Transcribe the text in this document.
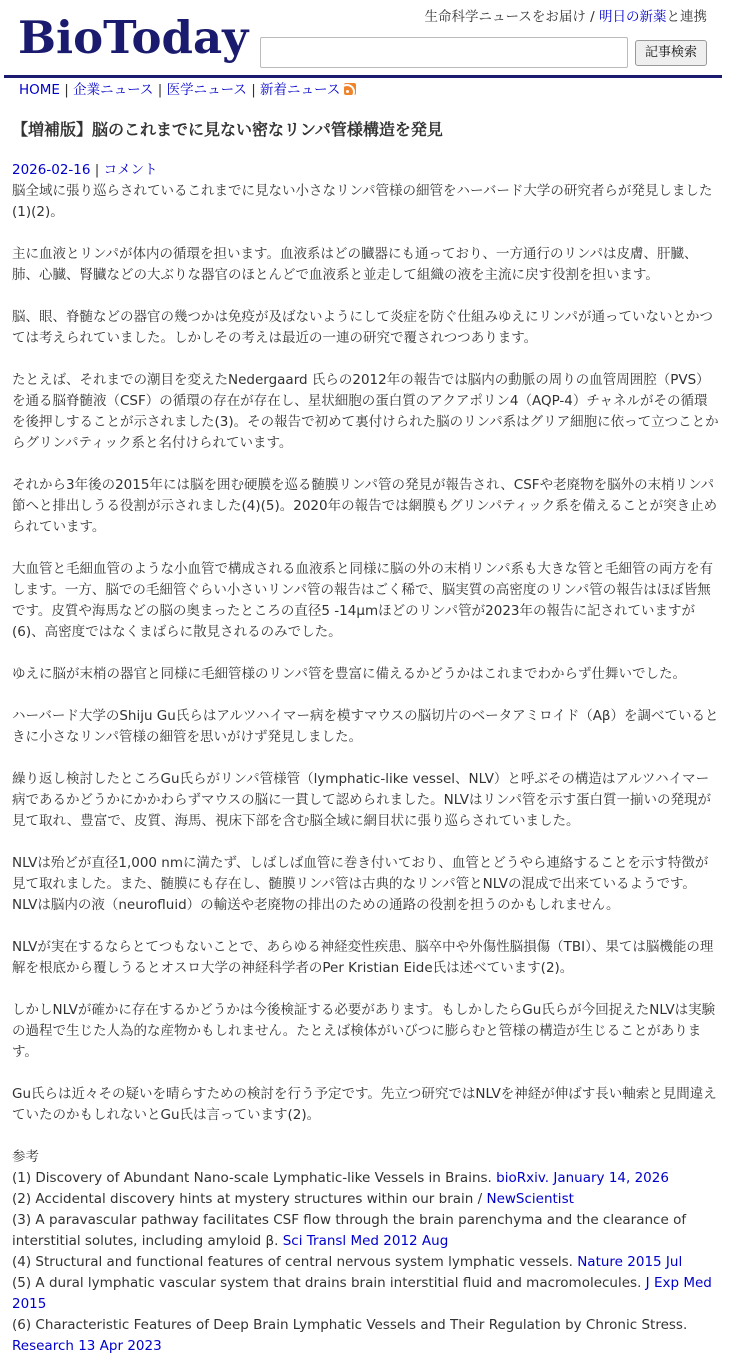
BioToday	生命科学ニュースをお届け / 明日の新薬と連携
記事検索
HOME | 企業ニュース | 医学ニュース | 新着ニュース
【増補版】脳のこれまでに見ない密なリンパ管様構造を発見
2026-02-16 | コメント

脳全域に張り巡らされているこれまでに見ない小さなリンパ管様の細管をハーバード大学の研究者らが発見しました(1)(2)。

主に血液とリンパが体内の循環を担います。血液系はどの臓器にも通っており、一方通行のリンパは皮膚、肝臓、肺、心臓、腎臓などの大ぶりな器官のほとんどで血液系と並走して組織の液を主流に戻す役割を担います。

脳、眼、脊髄などの器官の幾つかは免疫が及ばないようにして炎症を防ぐ仕組みゆえにリンパが通っていないとかつては考えられていました。しかしその考えは最近の一連の研究で覆されつつあります。

たとえば、それまでの潮目を変えたNedergaard 氏らの2012年の報告では脳内の動脈の周りの血管周囲腔（PVS）を通る脳脊髄液（CSF）の循環の存在が存在し、星状細胞の蛋白質のアクアポリン4（AQP-4）チャネルがその循環を後押しすることが示されました(3)。その報告で初めて裏付けられた脳のリンパ系はグリア細胞に依って立つことからグリンパティック系と名付けられています。

それから3年後の2015年には脳を囲む硬膜を巡る髄膜リンパ管の発見が報告され、CSFや老廃物を脳外の末梢リンパ節へと排出しうる役割が示されました(4)(5)。2020年の報告では網膜もグリンパティック系を備えることが突き止められています。

大血管と毛細血管のような小血管で構成される血液系と同様に脳の外の末梢リンパ系も大きな管と毛細管の両方を有します。一方、脳での毛細管ぐらい小さいリンパ管の報告はごく稀で、脳実質の高密度のリンパ管の報告はほぼ皆無です。皮質や海馬などの脳の奥まったところの直径5 -14μmほどのリンパ管が2023年の報告に記されていますが(6)、高密度ではなくまばらに散見されるのみでした。

ゆえに脳が末梢の器官と同様に毛細管様のリンパ管を豊富に備えるかどうかはこれまでわからず仕舞いでした。

ハーバード大学のShiju Gu氏らはアルツハイマー病を模すマウスの脳切片のベータアミロイド（Aβ）を調べているときに小さなリンパ管様の細管を思いがけず発見しました。

繰り返し検討したところGu氏らがリンパ管様管（lymphatic-like vessel、NLV）と呼ぶその構造はアルツハイマー病であるかどうかにかかわらずマウスの脳に一貫して認められました。NLVはリンパ管を示す蛋白質一揃いの発現が見て取れ、豊富で、皮質、海馬、視床下部を含む脳全域に網目状に張り巡らされていました。

NLVは殆どが直径1,000 nmに満たず、しばしば血管に巻き付いており、血管とどうやら連絡することを示す特徴が見て取れました。また、髄膜にも存在し、髄膜リンパ管は古典的なリンパ管とNLVの混成で出来ているようです。NLVは脳内の液（neurofluid）の輸送や老廃物の排出のための通路の役割を担うのかもしれません。

NLVが実在するならとてつもないことで、あらゆる神経変性疾患、脳卒中や外傷性脳損傷（TBI）、果ては脳機能の理解を根底から覆しうるとオスロ大学の神経科学者のPer Kristian Eide氏は述べています(2)。

しかしNLVが確かに存在するかどうかは今後検証する必要があります。もしかしたらGu氏らが今回捉えたNLVは実験の過程で生じた人為的な産物かもしれません。たとえば検体がいびつに膨らむと管様の構造が生じることがあります。

Gu氏らは近々その疑いを晴らすための検討を行う予定です。先立つ研究ではNLVを神経が伸ばす長い軸索と見間違えていたのかもしれないとGu氏は言っています(2)。

参考
(1) Discovery of Abundant Nano-scale Lymphatic-like Vessels in Brains. bioRxiv. January 14, 2026
(2) Accidental discovery hints at mystery structures within our brain / NewScientist
(3) A paravascular pathway facilitates CSF flow through the brain parenchyma and the clearance of interstitial solutes, including amyloid β. Sci Transl Med 2012 Aug
(4) Structural and functional features of central nervous system lymphatic vessels. Nature 2015 Jul
(5) A dural lymphatic vascular system that drains brain interstitial fluid and macromolecules. J Exp Med 2015
(6) Characteristic Features of Deep Brain Lymphatic Vessels and Their Regulation by Chronic Stress. Research 13 Apr 2023
